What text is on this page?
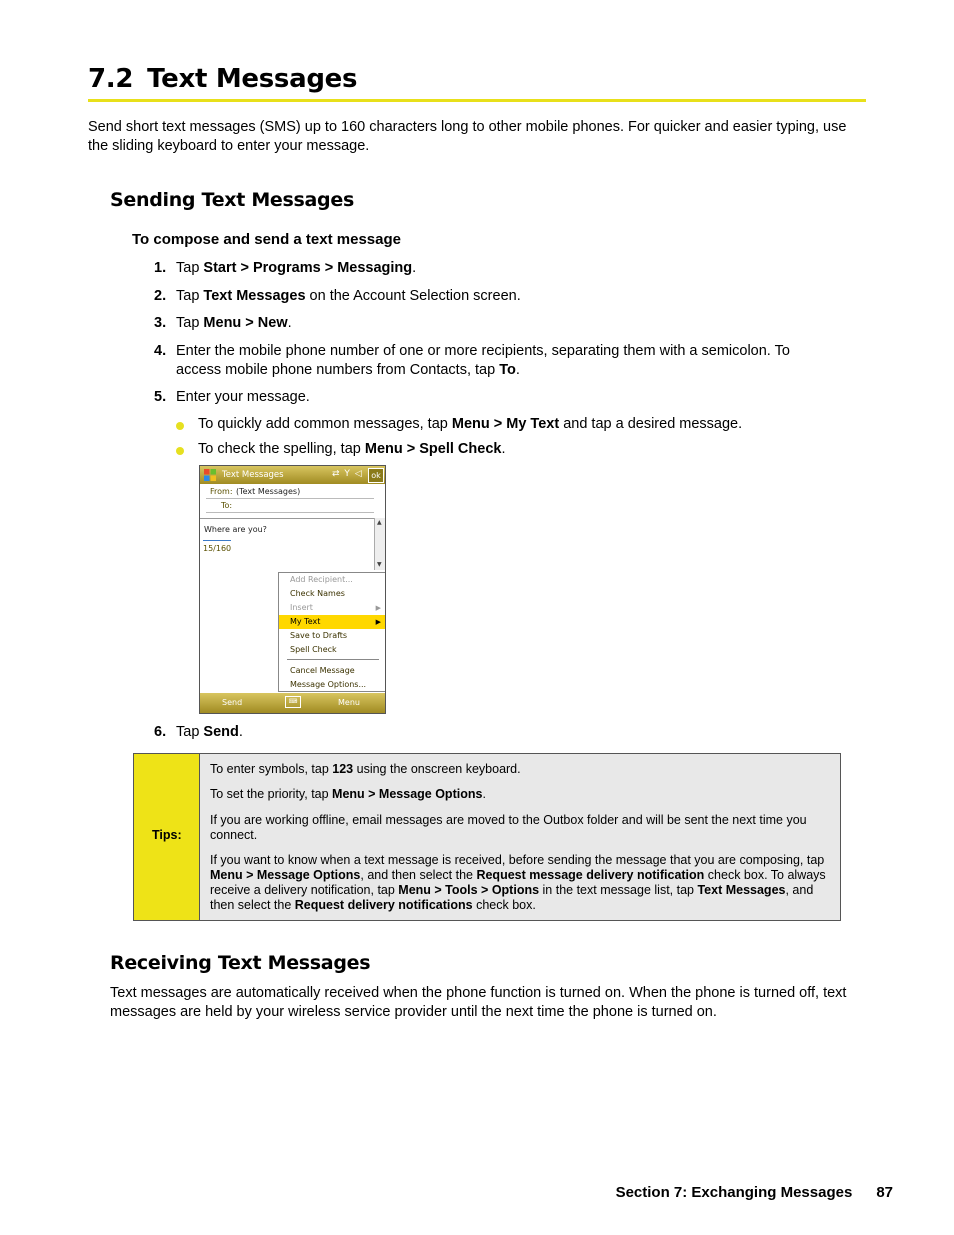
7.2 Text Messages
Send short text messages (SMS) up to 160 characters long to other mobile phones. For quicker and easier typing, use the sliding keyboard to enter your message.
Sending Text Messages
To compose and send a text message
1. Tap Start > Programs > Messaging.
2. Tap Text Messages on the Account Selection screen.
3. Tap Menu > New.
4. Enter the mobile phone number of one or more recipients, separating them with a semicolon. To access mobile phone numbers from Contacts, tap To.
5. Enter your message.
To quickly add common messages, tap Menu > My Text and tap a desired message.
To check the spelling, tap Menu > Spell Check.
Text Messages	⇄ Y ◁	ok
From: (Text Messages)
To:
Where are you?
15/160
▲
▼
Add Recipient...
Check Names
Insert	▶
My Text	▶
Save to Drafts
Spell Check
Cancel Message
Message Options...
Send	⌨	Menu
6. Tap Send.
Tips:
To enter symbols, tap 123 using the onscreen keyboard.
To set the priority, tap Menu > Message Options.
If you are working offline, email messages are moved to the Outbox folder and will be sent the next time you connect.
If you want to know when a text message is received, before sending the message that you are composing, tap Menu > Message Options, and then select the Request message delivery notification check box. To always receive a delivery notification, tap Menu > Tools > Options in the text message list, tap Text Messages, and then select the Request delivery notifications check box.
Receiving Text Messages
Text messages are automatically received when the phone function is turned on. When the phone is turned off, text messages are held by your wireless service provider until the next time the phone is turned on.
Section 7: Exchanging Messages 87
